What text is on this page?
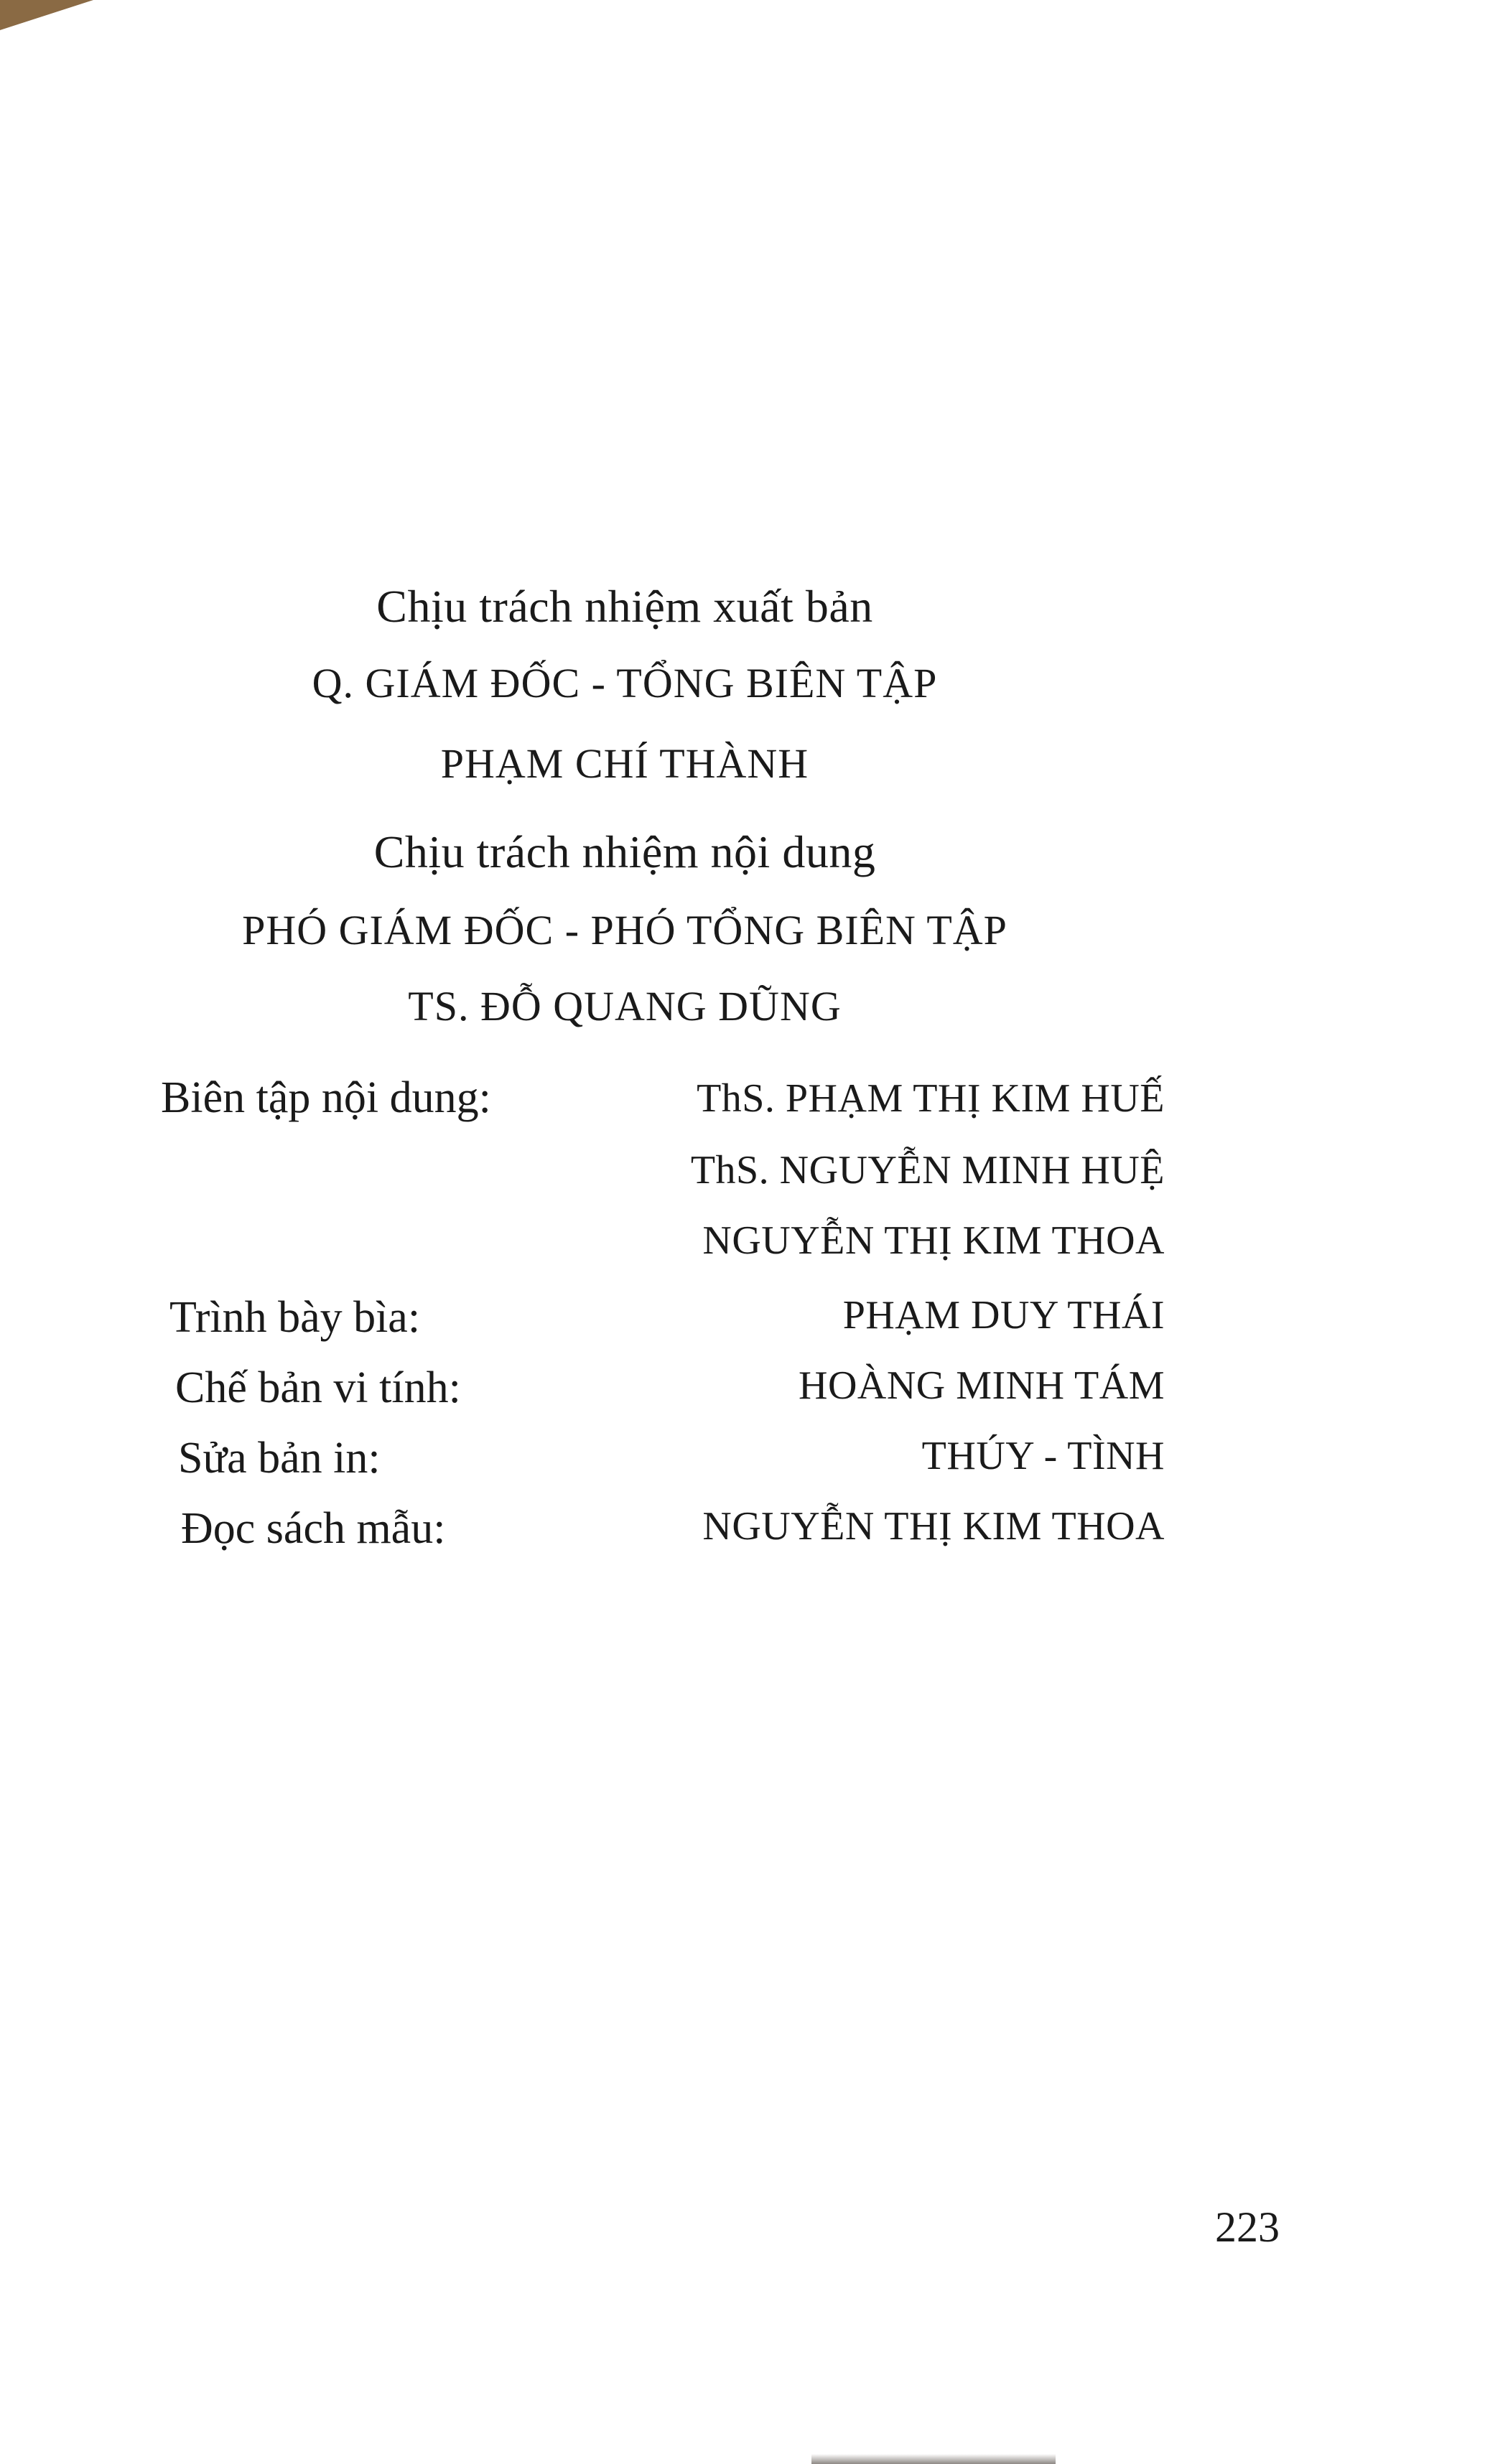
Chịu trách nhiệm xuất bản
Q. GIÁM ĐỐC - TỔNG BIÊN TẬP
PHẠM CHÍ THÀNH
Chịu trách nhiệm nội dung
PHÓ GIÁM ĐỐC - PHÓ TỔNG BIÊN TẬP
TS. ĐỖ QUANG DŨNG
Biên tập nội dung:	ThS. PHẠM THỊ KIM HUẾ
ThS. NGUYỄN MINH HUỆ
NGUYỄN THỊ KIM THOA
Trình bày bìa:	PHẠM DUY THÁI
Chế bản vi tính:	HOÀNG MINH TÁM
Sửa bản in:	THÚY - TÌNH
Đọc sách mẫu:	NGUYỄN THỊ KIM THOA
223
